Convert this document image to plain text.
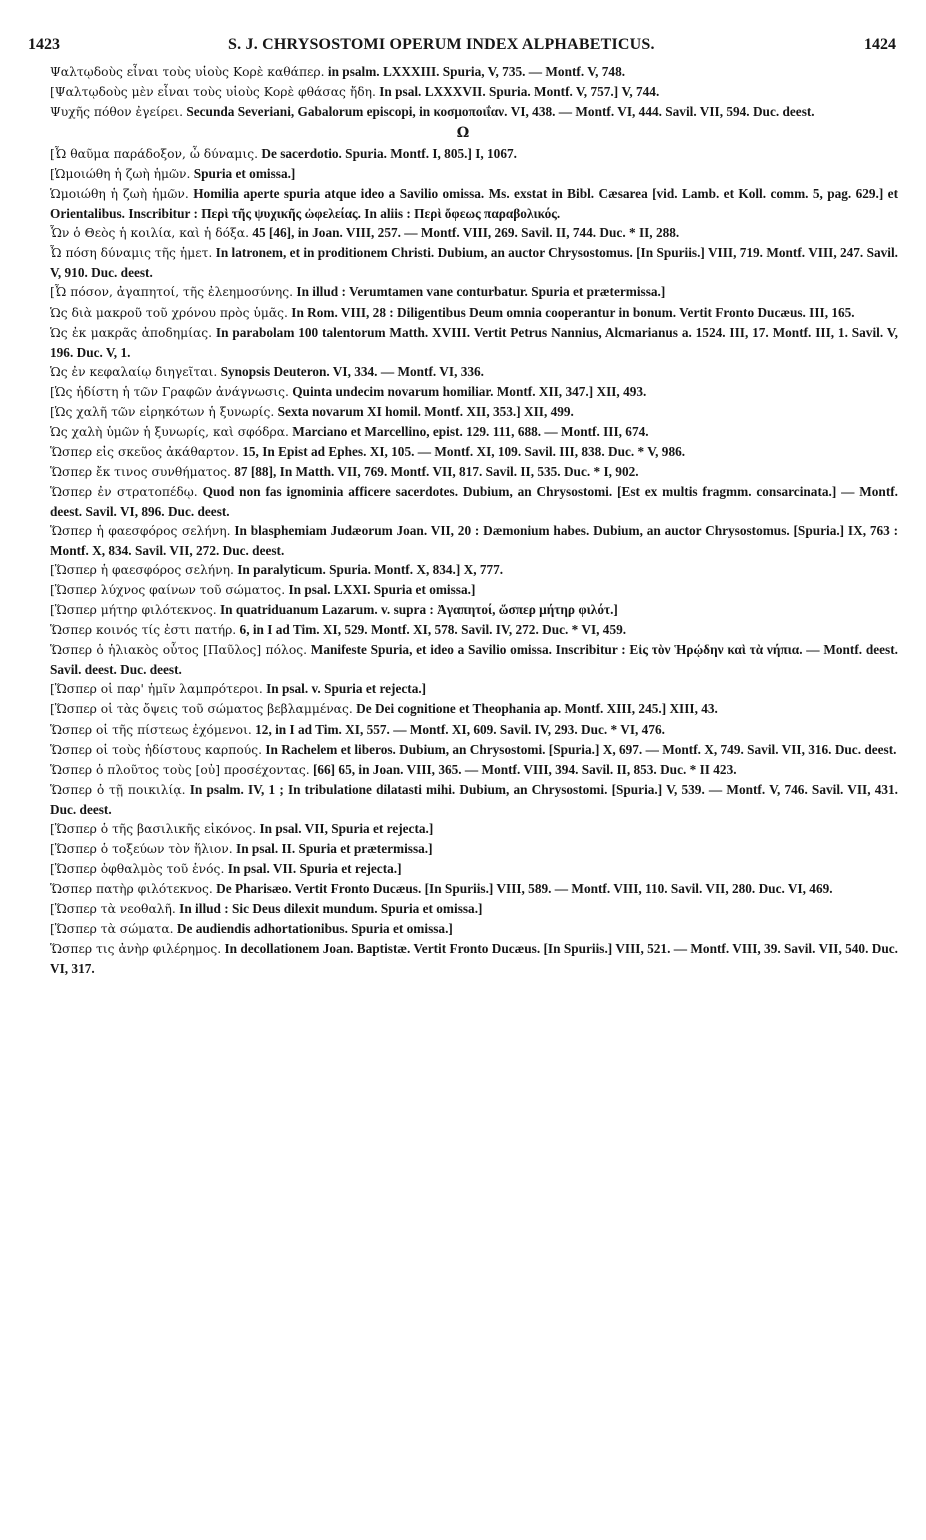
1423	S. J. CHRYSOSTOMI OPERUM INDEX ALPHABETICUS.	1424

Ψαλτῳδοὺς εἶναι τοὺς υἱοὺς Κορὲ καθάπερ. in psalm. LXXXIII. Spuria, V, 735. — Montf. V, 748.

[Ψαλτῳδοὺς μὲν εἶναι τοὺς υἱοὺς Κορὲ φθάσας ἤδη. In psal. LXXXVII. Spuria. Montf. V, 757.] V, 744.

Ψυχῆς πόθον ἐγείρει. Secunda Severiani, Gabalorum episcopi, in κοσμοποιΐαν. VI, 438. — Montf. VI, 444. Savil. VII, 594. Duc. deest.

Ω

[Ὦ θαῦμα παράδοξον, ὦ δύναμις. De sacerdotio. Spuria. Montf. I, 805.] I, 1067.

[Ὡμοιώθη ἡ ζωὴ ἡμῶν. Spuria et omissa.]

Ὡμοιώθη ἡ ζωὴ ἡμῶν. Homilia aperte spuria atque ideo a Savilio omissa. Ms. exstat in Bibl. Cæsarea [vid. Lamb. et Koll. comm. 5, pag. 629.] et Orientalibus. Inscribitur : Περὶ τῆς ψυχικῆς ὠφελείας. In aliis : Περὶ ὄφεως παραβολικός.

Ὧν ὁ Θεὸς ἡ κοιλία, καὶ ἡ δόξα. 45 [46], in Joan. VIII, 257. — Montf. VIII, 269. Savil. II, 744. Duc. * II, 288.

Ὦ πόση δύναμις τῆς ἡμετ. In latronem, et in proditionem Christi. Dubium, an auctor Chrysostomus. [In Spuriis.] VIII, 719. Montf. VIII, 247. Savil. V, 910. Duc. deest.

[Ὦ πόσον, ἀγαπητοί, τῆς ἐλεημοσύνης. In illud : Verumtamen vane conturbatur. Spuria et prætermissa.]

Ὡς διὰ μακροῦ τοῦ χρόνου πρὸς ὑμᾶς. In Rom. VIII, 28 : Diligentibus Deum omnia cooperantur in bonum. Vertit Fronto Ducæus. III, 165.

Ὡς ἐκ μακρᾶς ἀποδημίας. In parabolam 100 talentorum Matth. XVIII. Vertit Petrus Nannius, Alcmarianus a. 1524. III, 17. Montf. III, 1. Savil. V, 196. Duc. V, 1.

Ὡς ἐν κεφαλαίῳ διηγεῖται. Synopsis Deuteron. VI, 334. — Montf. VI, 336.

[Ὡς ἡδίστη ἡ τῶν Γραφῶν ἀνάγνωσις. Quinta undecim novarum homiliar. Montf. XII, 347.] XII, 493.

[Ὡς χαλῆ τῶν εἰρηκότων ἡ ξυνωρίς. Sexta novarum XI homil. Montf. XII, 353.] XII, 499.

Ὡς χαλὴ ὑμῶν ἡ ξυνωρίς, καὶ σφόδρα. Marciano et Marcellino, epist. 129. 111, 688. — Montf. III, 674.

Ὥσπερ εἰς σκεῦος ἀκάθαρτον. 15, In Epist ad Ephes. XI, 105. — Montf. XI, 109. Savil. III, 838. Duc. * V, 986.

Ὥσπερ ἔκ τινος συνθήματος. 87 [88], In Matth. VII, 769. Montf. VII, 817. Savil. II, 535. Duc. * I, 902.

Ὥσπερ ἐν στρατοπέδῳ. Quod non fas ignominia afficere sacerdotes. Dubium, an Chrysostomi. [Est ex multis fragmm. consarcinata.] — Montf. deest. Savil. VI, 896. Duc. deest.

Ὥσπερ ἡ φαεσφόρος σελήνη. In blasphemiam Judæorum Joan. VII, 20 : Dæmonium habes. Dubium, an auctor Chrysostomus. [Spuria.] IX, 763 : Montf. X, 834. Savil. VII, 272. Duc. deest.

[Ὥσπερ ἡ φαεσφόρος σελήνη. In paralyticum. Spuria. Montf. X, 834.] X, 777.

[Ὥσπερ λύχνος φαίνων τοῦ σώματος. In psal. LXXI. Spuria et omissa.]

[Ὥσπερ μήτηρ φιλότεκνος. In quatriduanum Lazarum. v. supra : Ἀγαπητοί, ὥσπερ μήτηρ φιλότ.]

Ὥσπερ κοινός τίς ἐστι πατήρ. 6, in I ad Tim. XI, 529. Montf. XI, 578. Savil. IV, 272. Duc. * VI, 459.

Ὥσπερ ὁ ἡλιακὸς οὗτος [Παῦλος] πόλος. Manifeste Spuria, et ideo a Savilio omissa. Inscribitur : Εἰς τὸν Ἡρῴδην καὶ τὰ νήπια. — Montf. deest. Savil. deest. Duc. deest.

[Ὥσπερ οἱ παρ' ἡμῖν λαμπρότεροι. In psal. v. Spuria et rejecta.]

[Ὥσπερ οἱ τὰς ὄψεις τοῦ σώματος βεβλαμμένας. De Dei cognitione et Theophania ap. Montf. XIII, 245.] XIII, 43.

Ὥσπερ οἱ τῆς πίστεως ἐχόμενοι. 12, in I ad Tim. XI, 557. — Montf. XI, 609. Savil. IV, 293. Duc. * VI, 476.

Ὥσπερ οἱ τοὺς ἡδίστους καρπούς. In Rachelem et liberos. Dubium, an Chrysostomi. [Spuria.] X, 697. — Montf. X, 749. Savil. VII, 316. Duc. deest.

Ὥσπερ ὁ πλοῦτος τοὺς [οὐ] προσέχοντας. [66] 65, in Joan. VIII, 365. — Montf. VIII, 394. Savil. II, 853. Duc. * II 423.

Ὥσπερ ὁ τῇ ποικιλίᾳ. In psalm. IV, 1 ; In tribulatione dilatasti mihi. Dubium, an Chrysostomi. [Spuria.] V, 539. — Montf. V, 746. Savil. VII, 431. Duc. deest.

[Ὥσπερ ὁ τῆς βασιλικῆς εἰκόνος. In psal. VII, Spuria et rejecta.]

[Ὥσπερ ὁ τοξεύων τὸν ἥλιον. In psal. II. Spuria et prætermissa.]

[Ὥσπερ ὀφθαλμὸς τοῦ ἑνός. In psal. VII. Spuria et rejecta.]

Ὥσπερ πατὴρ φιλότεκνος. De Pharisæo. Vertit Fronto Ducæus. [In Spuriis.] VIII, 589. — Montf. VIII, 110. Savil. VII, 280. Duc. VI, 469.

[Ὥσπερ τὰ νεοθαλῆ. In illud : Sic Deus dilexit mundum. Spuria et omissa.]

[Ὥσπερ τὰ σώματα. De audiendis adhortationibus. Spuria et omissa.]

Ὥσπερ τις ἀνὴρ φιλέρημος. In decollationem Joan. Baptistæ. Vertit Fronto Ducæus. [In Spuriis.] VIII, 521. — Montf. VIII, 39. Savil. VII, 540. Duc. VI, 317.
